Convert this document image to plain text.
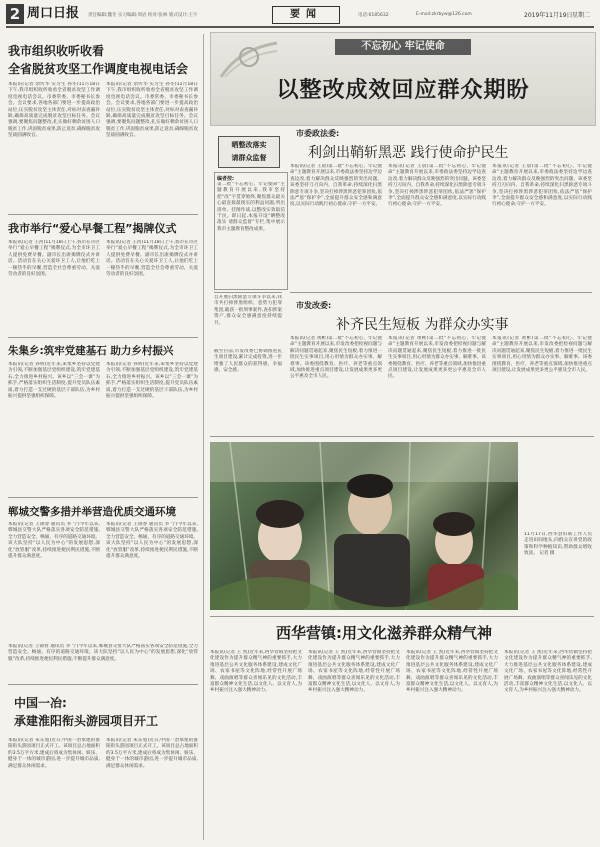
2 周口日报 责任编辑:魏冬 实习编辑:周岩 校对:张林 版式设计:王宇	要闻	电话:6185632	E-mail:zkrbyw@126.com	2019年11月19日 星期二
我市组织收听收看
全省脱贫攻坚工作调度电视电话会
本报讯(记者 余传华 实习生 孙冬)11月18日下午,我市组织收听收看全省脱贫攻坚工作调度电视电话会议。市委常委、市委秘书长参会。会议要求,各地各部门要进一步提高政治站位,压实脱贫攻坚主体责任,对标对表查漏补缺,确保高质量完成脱贫攻坚目标任务。会议强调,要聚焦问题整改,扎实做好剩余贫困人口脱贫工作,巩固脱贫成果,防止返贫,确保脱贫攻坚战圆满收官。
本报讯(记者 余传华 实习生 孙冬)11月18日下午,我市组织收听收看全省脱贫攻坚工作调度电视电话会议。市委常委、市委秘书长参会。会议要求,各地各部门要进一步提高政治站位,压实脱贫攻坚主体责任,对标对表查漏补缺,确保高质量完成脱贫攻坚目标任务。会议强调,要聚焦问题整改,扎实做好剩余贫困人口脱贫工作,巩固脱贫成果,防止返贫,确保脱贫攻坚战圆满收官。
我市举行“爱心早餐工程”揭牌仪式
本报讯(记者 王河)11月18日上午,我市在市区举行“爱心早餐工程”揭牌仪式,为全市环卫工人提供免费早餐。副市长出席揭牌仪式并讲话。活动旨在关心关爱环卫工人,让他们吃上一顿热乎的早餐,营造全社会尊重劳动、关爱劳动者的良好氛围。
本报讯(记者 王河)11月18日上午,我市在市区举行“爱心早餐工程”揭牌仪式,为全市环卫工人提供免费早餐。副市长出席揭牌仪式并讲话。活动旨在关心关爱环卫工人,让他们吃上一顿热乎的早餐,营造全社会尊重劳动、关爱劳动者的良好氛围。
朱集乡:筑牢党建基石 助力乡村振兴
本报讯(记者 孙明)近年来,朱集乡坚持以党建为引领,不断加强基层党组织建设,筑牢党建基石,全力推进乡村振兴。该乡以“三会一课”为抓手,严格落实组织生活制度,提升党员队伍素质,着力打造一支过硬的基层干部队伍,为乡村振兴提供坚强组织保障。
本报讯(记者 孙明)近年来,朱集乡坚持以党建为引领,不断加强基层党组织建设,筑牢党建基石,全力推进乡村振兴。该乡以“三会一课”为抓手,严格落实组织生活制度,提升党员队伍素质,着力打造一支过硬的基层干部队伍,为乡村振兴提供坚强组织保障。
郸城交警多措并举营造优质交通环境
本报讯(记者 王锦春 通讯员 李 宁)今年以来,郸城县交警大队严格落实各项安全防范措施,全力营造安全、畅通、有序的道路交通环境。该大队坚持“以人民为中心”的发展思想,深化“放管服”改革,持续推进便民利民措施,不断提升群众满意度。
本报讯(记者 王锦春 通讯员 李 宁)今年以来,郸城县交警大队严格落实各项安全防范措施,全力营造安全、畅通、有序的道路交通环境。该大队坚持“以人民为中心”的发展思想,深化“放管服”改革,持续推进便民利民措施,不断提升群众满意度。
本报讯(记者 王锦春 通讯员 李 宁)今年以来,郸城县交警大队严格落实各项安全防范措施,全力营造安全、畅通、有序的道路交通环境。该大队坚持“以人民为中心”的发展思想,深化“放管服”改革,持续推进便民利民措施,不断提升群众满意度。
中国一冶:
承建淮阳衔头游园项目开工
本报讯(记者 朱东旭)近日,中国一冶承建的淮阳衔头游园项目正式开工。该项目总占地面积约3.5万平方米,建成后将成为集休闲、娱乐、健身于一体的城市游园,进一步提升城市品质,满足群众休闲需求。
本报讯(记者 朱东旭)近日,中国一冶承建的淮阳衔头游园项目正式开工。该项目总占地面积约3.5万平方米,建成后将成为集休闲、娱乐、健身于一体的城市游园,进一步提升城市品质,满足群众休闲需求。
不忘初心 牢记使命
以整改成效回应群众期盼
晒整改落实
请群众监督
编者按:
第二批“不忘初心、牢记使命”主题教育开展以来,我市坚持把“改”字贯穿始终,聚焦群众最关心最直接最现实的利益问题,列出清单、挂图作战,以整改实效取信于民。即日起,本报开设“晒整改落实 请群众监督”专栏,集中展示我市主题教育整改成果。
市委政法委:
利剑出鞘斩黑恶 践行使命护民生
本报讯(记者 王晨)第二批“不忘初心、牢记使命”主题教育开展以来,市委政法委坚持边学边查边改,着力解决群众反映强烈的突出问题。该委坚持刀刃向内、自我革命,持续深化扫黑除恶专项斗争,坚决打掉涉黑涉恶犯罪团伙,依法严惩“保护伞”,全面提升群众安全感和满意度,以实际行动践行初心使命,守护一方平安。
本报讯(记者 王晨)第二批“不忘初心、牢记使命”主题教育开展以来,市委政法委坚持边学边查边改,着力解决群众反映强烈的突出问题。该委坚持刀刃向内、自我革命,持续深化扫黑除恶专项斗争,坚决打掉涉黑涉恶犯罪团伙,依法严惩“保护伞”,全面提升群众安全感和满意度,以实际行动践行初心使命,守护一方平安。
本报讯(记者 王晨)第二批“不忘初心、牢记使命”主题教育开展以来,市委政法委坚持边学边查边改,着力解决群众反映强烈的突出问题。该委坚持刀刃向内、自我革命,持续深化扫黑除恶专项斗争,坚决打掉涉黑涉恶犯罪团伙,依法严惩“保护伞”,全面提升群众安全感和满意度,以实际行动践行初心使命,守护一方平安。
自开展扫黑除恶专项斗争以来,我市共打掉涉黑组织、恶势力犯罪集团,破获一批刑事案件,查扣涉案资产,群众安全感满意度持续提升。
截至目前,市发改委已协调推进民生项目建设,累计完成投资,进一步增强了人民群众的获得感、幸福感、安全感。
市发改委:
补齐民生短板 为群众办实事
本报讯(记者 黄彬)第二批“不忘初心、牢记使命”主题教育开展以来,市发改委把检视问题与解决问题贯通起来,聚焦民生短板,着力推进一批民生实事项目,用心用情为群众办实事、解难事。该委围绕教育、医疗、养老等重点领域,加快推进重点项目建设,让发展成果更多更公平惠及全市人民。
本报讯(记者 黄彬)第二批“不忘初心、牢记使命”主题教育开展以来,市发改委把检视问题与解决问题贯通起来,聚焦民生短板,着力推进一批民生实事项目,用心用情为群众办实事、解难事。该委围绕教育、医疗、养老等重点领域,加快推进重点项目建设,让发展成果更多更公平惠及全市人民。
本报讯(记者 黄彬)第二批“不忘初心、牢记使命”主题教育开展以来,市发改委把检视问题与解决问题贯通起来,聚焦民生短板,着力推进一批民生实事项目,用心用情为群众办实事、解难事。该委围绕教育、医疗、养老等重点领域,加快推进重点项目建设,让发展成果更多更公平惠及全市人民。
11月17日,西华县妇联工作人员走进田间地头,向群众宣讲党的政策和科学种植知识,帮助群众增收致富。 记者 摄
西华营镇:用文化滋养群众精气神
本报讯(记者 王 凯)近年来,西华营镇坚持把文化建设作为提升群众精气神的重要抓手,大力推进基层公共文化服务体系建设,建成文化广场、农家书屋等文化阵地,经常性开展广场舞、戏曲演唱等群众喜闻乐见的文化活动,丰富群众精神文化生活,以文化人、以文育人,为乡村振兴注入强大精神动力。
本报讯(记者 王 凯)近年来,西华营镇坚持把文化建设作为提升群众精气神的重要抓手,大力推进基层公共文化服务体系建设,建成文化广场、农家书屋等文化阵地,经常性开展广场舞、戏曲演唱等群众喜闻乐见的文化活动,丰富群众精神文化生活,以文化人、以文育人,为乡村振兴注入强大精神动力。
本报讯(记者 王 凯)近年来,西华营镇坚持把文化建设作为提升群众精气神的重要抓手,大力推进基层公共文化服务体系建设,建成文化广场、农家书屋等文化阵地,经常性开展广场舞、戏曲演唱等群众喜闻乐见的文化活动,丰富群众精神文化生活,以文化人、以文育人,为乡村振兴注入强大精神动力。
本报讯(记者 王 凯)近年来,西华营镇坚持把文化建设作为提升群众精气神的重要抓手,大力推进基层公共文化服务体系建设,建成文化广场、农家书屋等文化阵地,经常性开展广场舞、戏曲演唱等群众喜闻乐见的文化活动,丰富群众精神文化生活,以文化人、以文育人,为乡村振兴注入强大精神动力。
